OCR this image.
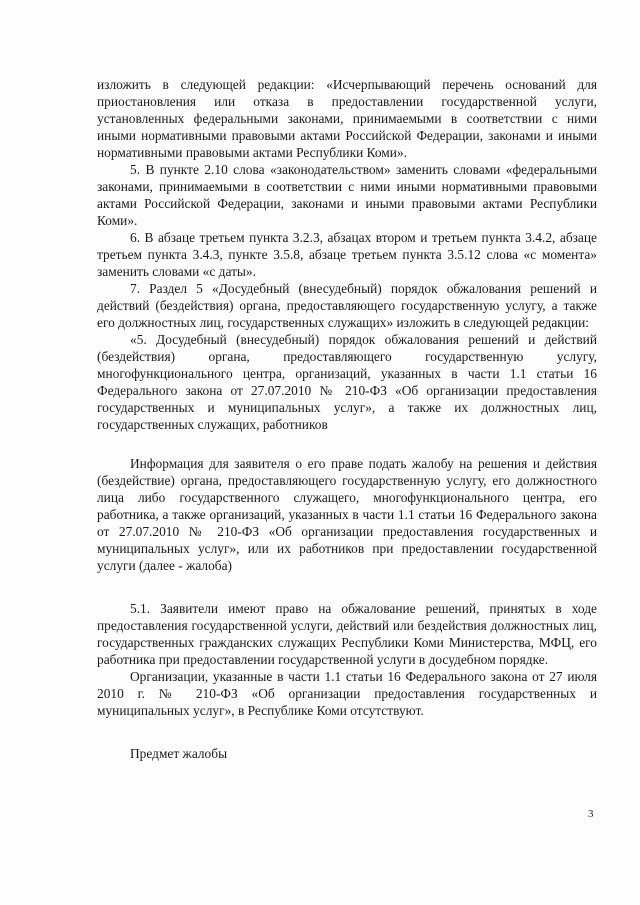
изложить в следующей редакции: «Исчерпывающий перечень оснований для приостановления или отказа в предоставлении государственной услуги, установленных федеральными законами, принимаемыми в соответствии с ними иными нормативными правовыми актами Российской Федерации, законами и иными нормативными правовыми актами Республики Коми».

5. В пункте 2.10 слова «законодательством» заменить словами «федеральными законами, принимаемыми в соответствии с ними иными нормативными правовыми актами Российской Федерации, законами и иными правовыми актами Республики Коми».

6. В абзаце третьем пункта 3.2.3, абзацах втором и третьем пункта 3.4.2, абзаце третьем пункта 3.4.3, пункте 3.5.8, абзаце третьем пункта 3.5.12 слова «с момента» заменить словами «с даты».

7. Раздел 5 «Досудебный (внесудебный) порядок обжалования решений и действий (бездействия) органа, предоставляющего государственную услугу, а также его должностных лиц, государственных служащих» изложить в следующей редакции:

«5. Досудебный (внесудебный) порядок обжалования решений и действий (бездействия) органа, предоставляющего государственную услугу, многофункционального центра, организаций, указанных в части 1.1 статьи 16 Федерального закона от 27.07.2010 № 210-ФЗ «Об организации предоставления государственных и муниципальных услуг», а также их должностных лиц, государственных служащих, работников

Информация для заявителя о его праве подать жалобу на решения и действия (бездействие) органа, предоставляющего государственную услугу, его должностного лица либо государственного служащего, многофункционального центра, его работника, а также организаций, указанных в части 1.1 статьи 16 Федерального закона от 27.07.2010 № 210-ФЗ «Об организации предоставления государственных и муниципальных услуг», или их работников при предоставлении государственной услуги (далее - жалоба)

5.1. Заявители имеют право на обжалование решений, принятых в ходе предоставления государственной услуги, действий или бездействия должностных лиц, государственных гражданских служащих Республики Коми Министерства, МФЦ, его работника при предоставлении государственной услуги в досудебном порядке.

Организации, указанные в части 1.1 статьи 16 Федерального закона от 27 июля 2010 г. № 210-ФЗ «Об организации предоставления государственных и муниципальных услуг», в Республике Коми отсутствуют.

Предмет жалобы

3
